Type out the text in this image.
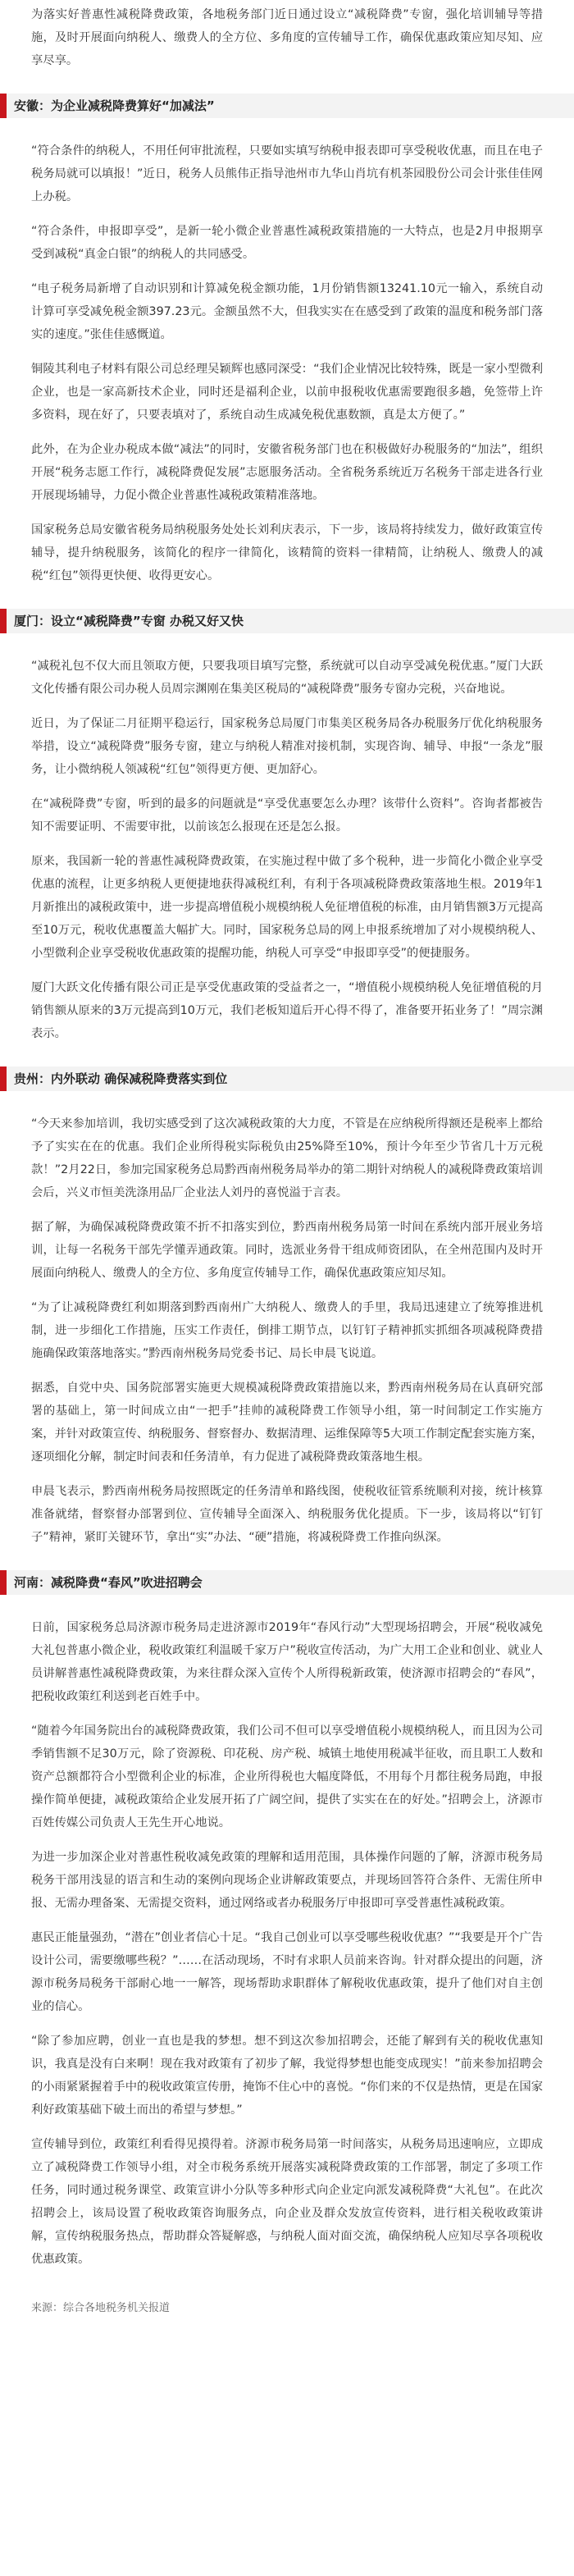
为落实好普惠性减税降费政策，各地税务部门近日通过设立“减税降费”专窗，强化培训辅导等措施，及时开展面向纳税人、缴费人的全方位、多角度的宣传辅导工作，确保优惠政策应知尽知、应享尽享。

安徽：为企业减税降费算好“加减法”

“符合条件的纳税人，不用任何审批流程，只要如实填写纳税申报表即可享受税收优惠，而且在电子税务局就可以填报！”近日，税务人员熊伟正指导池州市九华山肖坑有机茶园股份公司会计张佳佳网上办税。

“符合条件，申报即享受”，是新一轮小微企业普惠性减税政策措施的一大特点，也是2月申报期享受到减税“真金白银”的纳税人的共同感受。

“电子税务局新增了自动识别和计算减免税金额功能，1月份销售额13241.10元一输入，系统自动计算可享受减免税金额397.23元。金额虽然不大，但我实实在在感受到了政策的温度和税务部门落实的速度。”张佳佳感慨道。

铜陵其利电子材料有限公司总经理吴颖辉也感同深受：“我们企业情况比较特殊，既是一家小型微利企业，也是一家高新技术企业，同时还是福利企业，以前申报税收优惠需要跑很多趟，免签带上许多资料，现在好了，只要表填对了，系统自动生成减免税优惠数额，真是太方便了。”

此外，在为企业办税成本做“减法”的同时，安徽省税务部门也在积极做好办税服务的“加法”，组织开展“税务志愿工作行，减税降费促发展”志愿服务活动。全省税务系统近万名税务干部走进各行业开展现场辅导，力促小微企业普惠性减税政策精准落地。

国家税务总局安徽省税务局纳税服务处处长刘利庆表示，下一步，该局将持续发力，做好政策宣传辅导，提升纳税服务，该简化的程序一律简化，该精简的资料一律精简，让纳税人、缴费人的减税“红包”领得更快便、收得更安心。

厦门：设立“减税降费”专窗 办税又好又快

“减税礼包不仅大而且领取方便，只要我项目填写完整，系统就可以自动享受减免税优惠。”厦门大跃文化传播有限公司办税人员周宗渊刚在集美区税局的“减税降费”服务专窗办完税，兴奋地说。

近日，为了保证二月征期平稳运行，国家税务总局厦门市集美区税务局各办税服务厅优化纳税服务举措，设立“减税降费”服务专窗，建立与纳税人精准对接机制，实现咨询、辅导、申报“一条龙”服务，让小微纳税人领减税“红包”领得更方便、更加舒心。

在“减税降费”专窗，听到的最多的问题就是“享受优惠要怎么办理？该带什么资料”。咨询者都被告知不需要证明、不需要审批，以前该怎么报现在还是怎么报。

原来，我国新一轮的普惠性减税降费政策，在实施过程中做了多个税种，进一步简化小微企业享受优惠的流程，让更多纳税人更便捷地获得减税红利，有利于各项减税降费政策落地生根。2019年1月新推出的减税政策中，进一步提高增值税小规模纳税人免征增值税的标准，由月销售额3万元提高至10万元，税收优惠覆盖大幅扩大。同时，国家税务总局的网上申报系统增加了对小规模纳税人、小型微利企业享受税收优惠政策的提醒功能，纳税人可享受“申报即享受”的便捷服务。

厦门大跃文化传播有限公司正是享受优惠政策的受益者之一，“增值税小规模纳税人免征增值税的月销售额从原来的3万元提高到10万元，我们老板知道后开心得不得了，准备要开拓业务了！”周宗渊表示。

贵州：内外联动 确保减税降费落实到位

“今天来参加培训，我切实感受到了这次减税政策的大力度，不管是在应纳税所得额还是税率上都给予了实实在在的优惠。我们企业所得税实际税负由25%降至10%，预计今年至少节省几十万元税款！”2月22日，参加完国家税务总局黔西南州税务局举办的第二期针对纳税人的减税降费政策培训会后，兴义市恒美洗涤用品厂企业法人刘丹的喜悦溢于言表。

据了解，为确保减税降费政策不折不扣落实到位，黔西南州税务局第一时间在系统内部开展业务培训，让每一名税务干部先学懂弄通政策。同时，选派业务骨干组成师资团队，在全州范围内及时开展面向纳税人、缴费人的全方位、多角度宣传辅导工作，确保优惠政策应知尽知。

“为了让减税降费红利如期落到黔西南州广大纳税人、缴费人的手里，我局迅速建立了统筹推进机制，进一步细化工作措施，压实工作责任，倒排工期节点，以钉钉子精神抓实抓细各项减税降费措施确保政策落地落实。”黔西南州税务局党委书记、局长申晨飞说道。

据悉，自党中央、国务院部署实施更大规模减税降费政策措施以来，黔西南州税务局在认真研究部署的基础上，第一时间成立由“一把手”挂帅的减税降费工作领导小组，第一时间制定工作实施方案，并针对政策宣传、纳税服务、督察督办、数据清理、运维保障等5大项工作制定配套实施方案，逐项细化分解，制定时间表和任务清单，有力促进了减税降费政策落地生根。

申晨飞表示，黔西南州税务局按照既定的任务清单和路线图，使税收征管系统顺利对接，统计核算准备就绪，督察督办部署到位、宣传辅导全面深入、纳税服务优化提质。下一步，该局将以“钉钉子”精神，紧盯关键环节，拿出“实”办法、“硬”措施，将减税降费工作推向纵深。

河南：减税降费“春风”吹进招聘会

日前，国家税务总局济源市税务局走进济源市2019年“春风行动”大型现场招聘会，开展“税收减免大礼包普惠小微企业，税收政策红利温暖千家万户”税收宣传活动，为广大用工企业和创业、就业人员讲解普惠性减税降费政策，为来往群众深入宣传个人所得税新政策，使济源市招聘会的“春风”，把税收政策红利送到老百姓手中。

“随着今年国务院出台的减税降费政策，我们公司不但可以享受增值税小规模纳税人，而且因为公司季销售额不足30万元，除了资源税、印花税、房产税、城镇土地使用税减半征收，而且职工人数和资产总额都符合小型微利企业的标准，企业所得税也大幅度降低，不用每个月都往税务局跑，申报操作简单便捷，减税政策给企业发展开拓了广阔空间，提供了实实在在的好处。”招聘会上，济源市百姓传媒公司负责人王先生开心地说。

为进一步加深企业对普惠性税收减免政策的理解和适用范围，具体操作问题的了解，济源市税务局税务干部用浅显的语言和生动的案例向现场企业讲解政策要点，并现场回答符合条件、无需住所申报、无需办理备案、无需提交资料，通过网络或者办税服务厅申报即可享受普惠性减税政策。

惠民正能量强劲，“潜在”创业者信心十足。“我自己创业可以享受哪些税收优惠？”“我要是开个广告设计公司，需要缴哪些税？”……在活动现场，不时有求职人员前来咨询。针对群众提出的问题，济源市税务局税务干部耐心地一一解答，现场帮助求职群体了解税收优惠政策，提升了他们对自主创业的信心。

“除了参加应聘，创业一直也是我的梦想。想不到这次参加招聘会，还能了解到有关的税收优惠知识，我真是没有白来啊！现在我对政策有了初步了解，我觉得梦想也能变成现实！”前来参加招聘会的小雨紧紧握着手中的税收政策宣传册，掩饰不住心中的喜悦。“你们来的不仅是热情，更是在国家利好政策基础下破土而出的希望与梦想。”

宣传辅导到位，政策红利看得见摸得着。济源市税务局第一时间落实，从税务局迅速响应，立即成立了减税降费工作领导小组，对全市税务系统开展落实减税降费政策的工作部署，制定了多项工作任务，同时通过税务课堂、政策宣讲小分队等多种形式向企业定向派发减税降费“大礼包”。在此次招聘会上，该局设置了税收政策咨询服务点，向企业及群众发放宣传资料，进行相关税收政策讲解，宣传纳税服务热点，帮助群众答疑解惑，与纳税人面对面交流，确保纳税人应知尽享各项税收优惠政策。

来源：综合各地税务机关报道
